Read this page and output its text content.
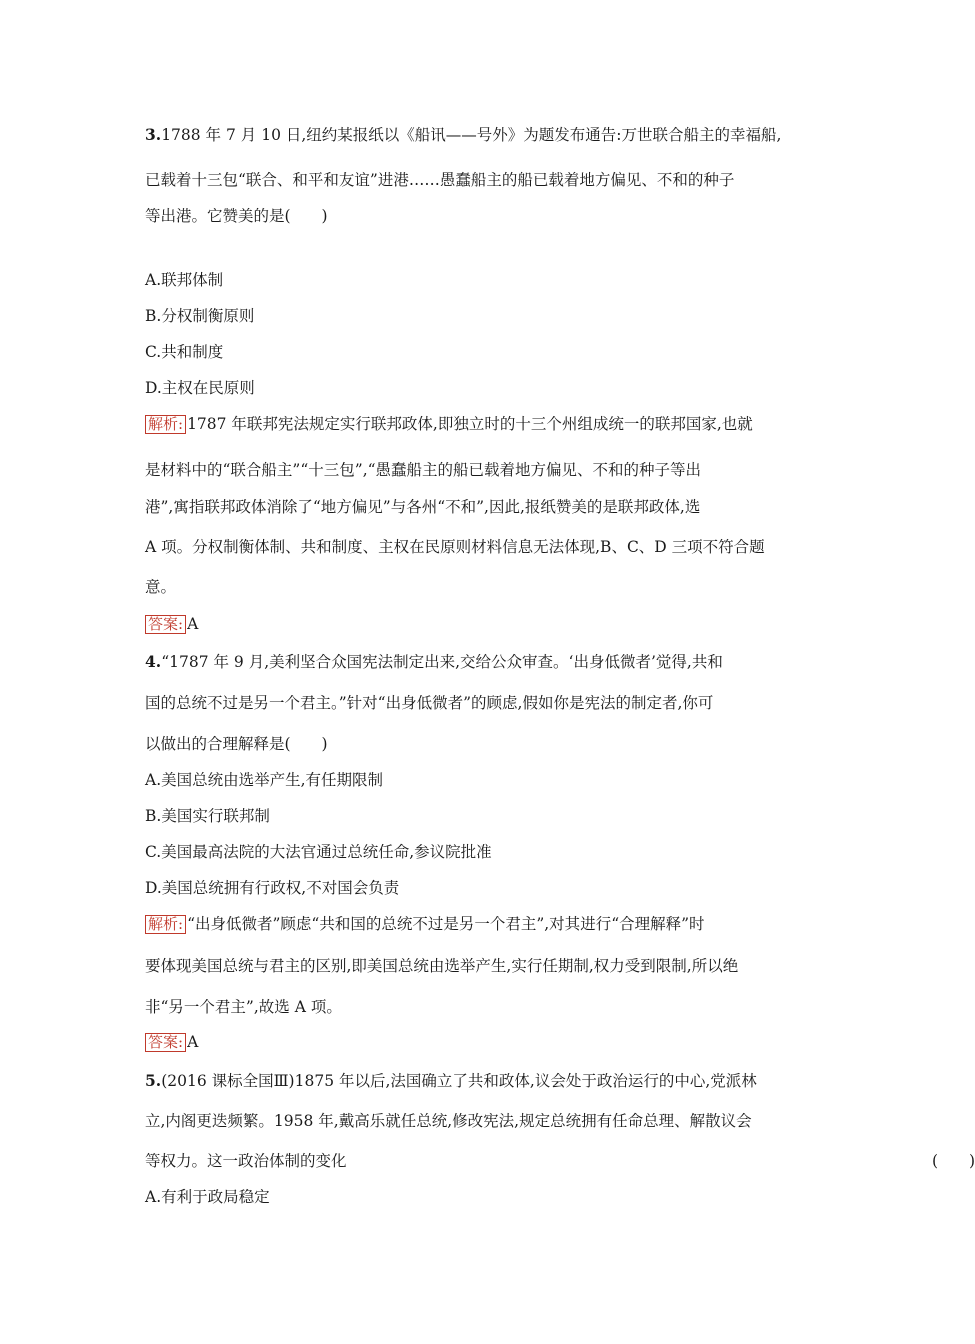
3.1788 年 7 月 10 日,纽约某报纸以《船讯——号外》为题发布通告:万世联合船主的幸福船,
已载着十三包“联合、和平和友谊”进港……愚蠢船主的船已载着地方偏见、不和的种子
等出港。它赞美的是(　　)
A.联邦体制
B.分权制衡原则
C.共和制度
D.主权在民原则
解析: 1787 年联邦宪法规定实行联邦政体,即独立时的十三个州组成统一的联邦国家,也就
是材料中的“联合船主”“十三包”,“愚蠢船主的船已载着地方偏见、不和的种子等出
港”,寓指联邦政体消除了“地方偏见”与各州“不和”,因此,报纸赞美的是联邦政体,选
A 项。分权制衡体制、共和制度、主权在民原则材料信息无法体现,B、C、D 三项不符合题
意。
答案: A
4.“1787 年 9 月,美利坚合众国宪法制定出来,交给公众审查。‘出身低微者’觉得,共和
国的总统不过是另一个君主。”针对“出身低微者”的顾虑,假如你是宪法的制定者,你可
以做出的合理解释是(　　)
A.美国总统由选举产生,有任期限制
B.美国实行联邦制
C.美国最高法院的大法官通过总统任命,参议院批准
D.美国总统拥有行政权,不对国会负责
解析: “出身低微者”顾虑“共和国的总统不过是另一个君主”,对其进行“合理解释”时
要体现美国总统与君主的区别,即美国总统由选举产生,实行任期制,权力受到限制,所以绝
非“另一个君主”,故选 A 项。
答案: A
5.(2016 课标全国Ⅲ)1875 年以后,法国确立了共和政体,议会处于政治运行的中心,党派林
立,内阁更迭频繁。1958 年,戴高乐就任总统,修改宪法,规定总统拥有任命总理、解散议会
等权力。这一政治体制的变化	(　　)
A.有利于政局稳定
